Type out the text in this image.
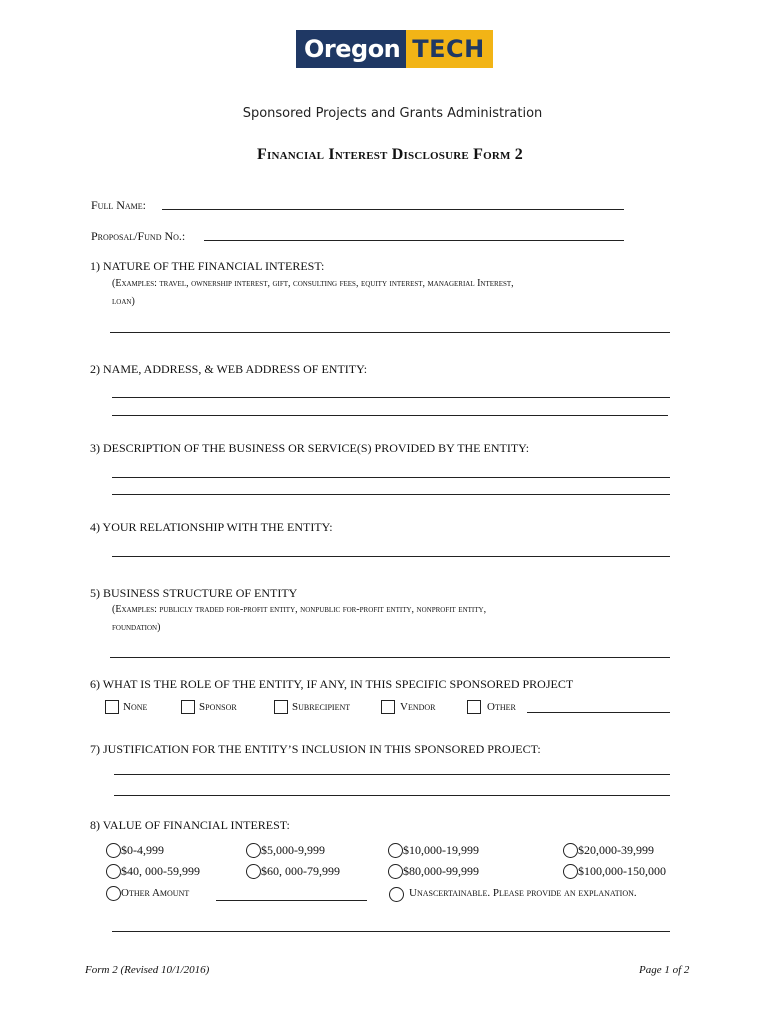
Oregon TECH
Sponsored Projects and Grants Administration
Financial Interest Disclosure Form 2
Full Name:
Proposal/Fund No.:
1) NATURE OF THE FINANCIAL INTEREST:
(Examples: travel, ownership interest, gift, consulting fees, equity interest, managerial Interest,
loan)
2) NAME, ADDRESS, & WEB ADDRESS OF ENTITY:
3) DESCRIPTION OF THE BUSINESS OR SERVICE(S) PROVIDED BY THE ENTITY:
4) YOUR RELATIONSHIP WITH THE ENTITY:
5) BUSINESS STRUCTURE OF ENTITY
(Examples: publicly traded for-profit entity, nonpublic for-profit entity, nonprofit entity,
foundation)
6) WHAT IS THE ROLE OF THE ENTITY, IF ANY, IN THIS SPECIFIC SPONSORED PROJECT
None	Sponsor	Subrecipient	Vendor	Other
7) JUSTIFICATION FOR THE ENTITY’S INCLUSION IN THIS SPONSORED PROJECT:
8) VALUE OF FINANCIAL INTEREST:
$0-4,999	$5,000-9,999	$10,000-19,999	$20,000-39,999
$40, 000-59,999	$60, 000-79,999	$80,000-99,999	$100,000-150,000
Other Amount	Unascertainable. Please provide an explanation.
Form 2 (Revised 10/1/2016)	Page 1 of 2
